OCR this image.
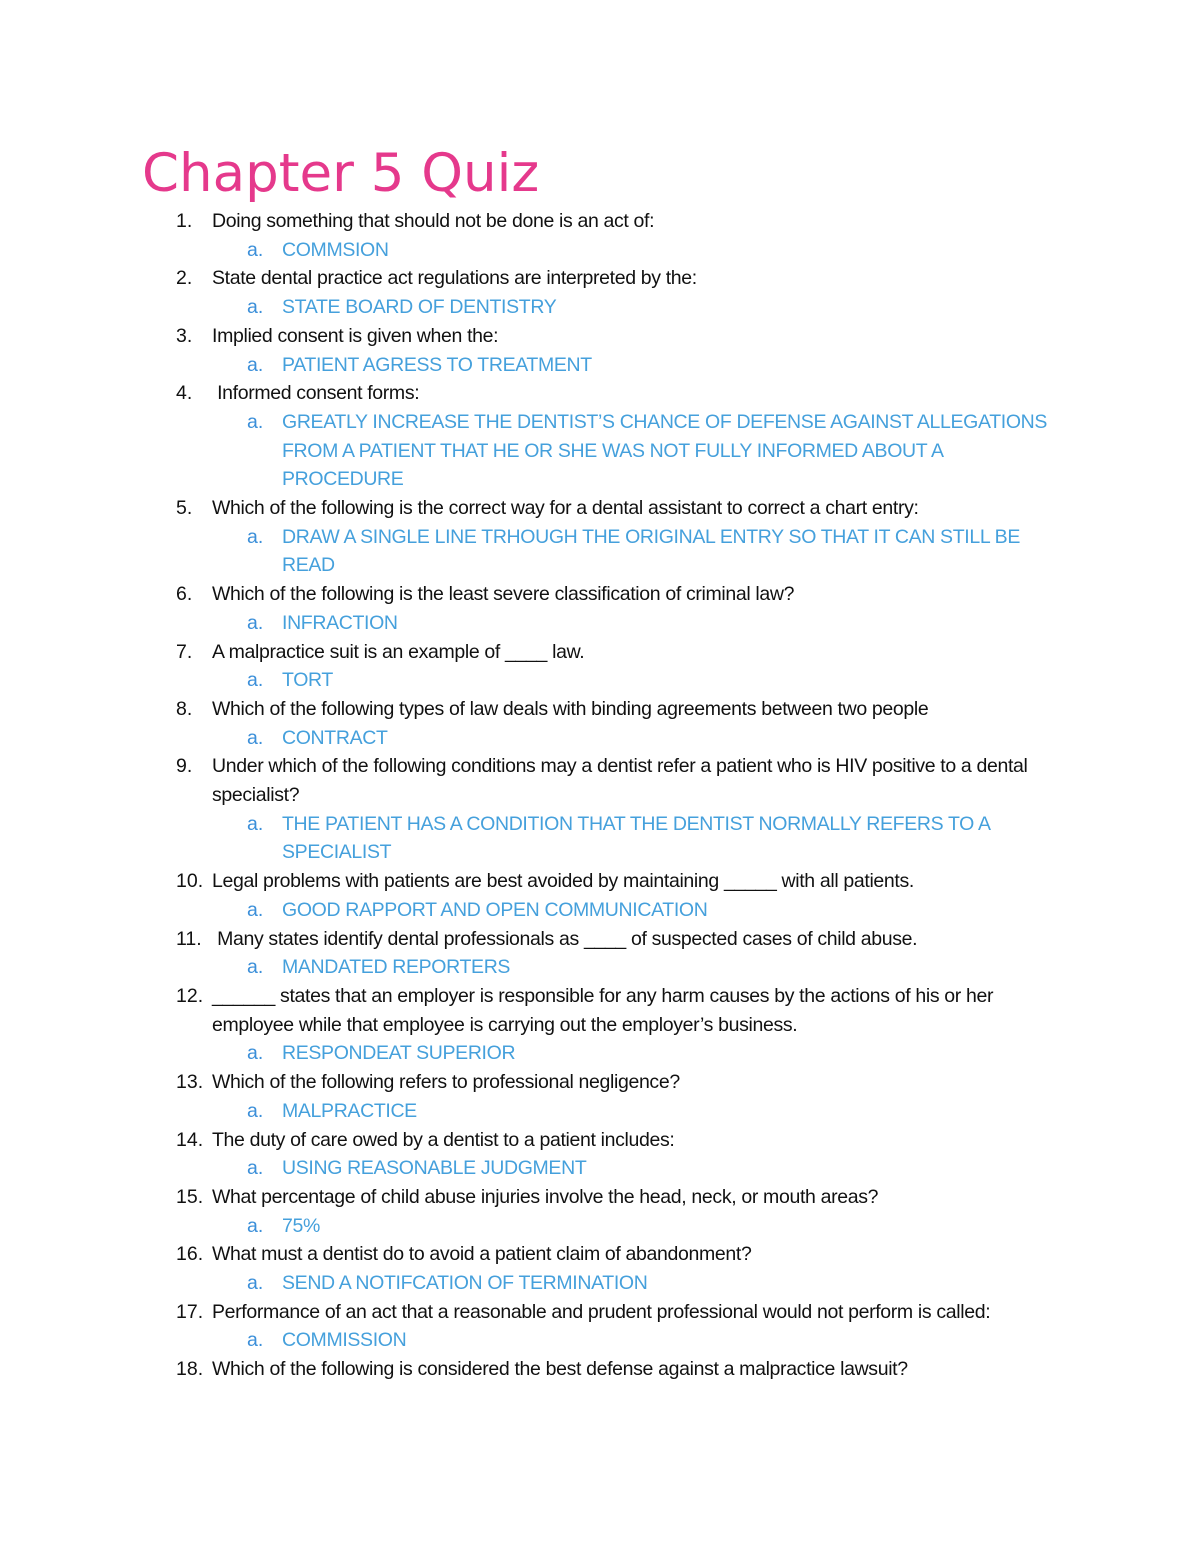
Chapter 5 Quiz
1. Doing something that should not be done is an act of:
a. COMMSION
2. State dental practice act regulations are interpreted by the:
a. STATE BOARD OF DENTISTRY
3. Implied consent is given when the:
a. PATIENT AGRESS TO TREATMENT
4. Informed consent forms:
a. GREATLY INCREASE THE DENTIST’S CHANCE OF DEFENSE AGAINST ALLEGATIONS FROM A PATIENT THAT HE OR SHE WAS NOT FULLY INFORMED ABOUT A PROCEDURE
5. Which of the following is the correct way for a dental assistant to correct a chart entry:
a. DRAW A SINGLE LINE TRHOUGH THE ORIGINAL ENTRY SO THAT IT CAN STILL BE READ
6. Which of the following is the least severe classification of criminal law?
a. INFRACTION
7. A malpractice suit is an example of ____ law.
a. TORT
8. Which of the following types of law deals with binding agreements between two people
a. CONTRACT
9. Under which of the following conditions may a dentist refer a patient who is HIV positive to a dental specialist?
a. THE PATIENT HAS A CONDITION THAT THE DENTIST NORMALLY REFERS TO A SPECIALIST
10. Legal problems with patients are best avoided by maintaining _____ with all patients.
a. GOOD RAPPORT AND OPEN COMMUNICATION
11. Many states identify dental professionals as ____ of suspected cases of child abuse.
a. MANDATED REPORTERS
12. ______ states that an employer is responsible for any harm causes by the actions of his or her employee while that employee is carrying out the employer’s business.
a. RESPONDEAT SUPERIOR
13. Which of the following refers to professional negligence?
a. MALPRACTICE
14. The duty of care owed by a dentist to a patient includes:
a. USING REASONABLE JUDGMENT
15. What percentage of child abuse injuries involve the head, neck, or mouth areas?
a. 75%
16. What must a dentist do to avoid a patient claim of abandonment?
a. SEND A NOTIFCATION OF TERMINATION
17. Performance of an act that a reasonable and prudent professional would not perform is called:
a. COMMISSION
18. Which of the following is considered the best defense against a malpractice lawsuit?
